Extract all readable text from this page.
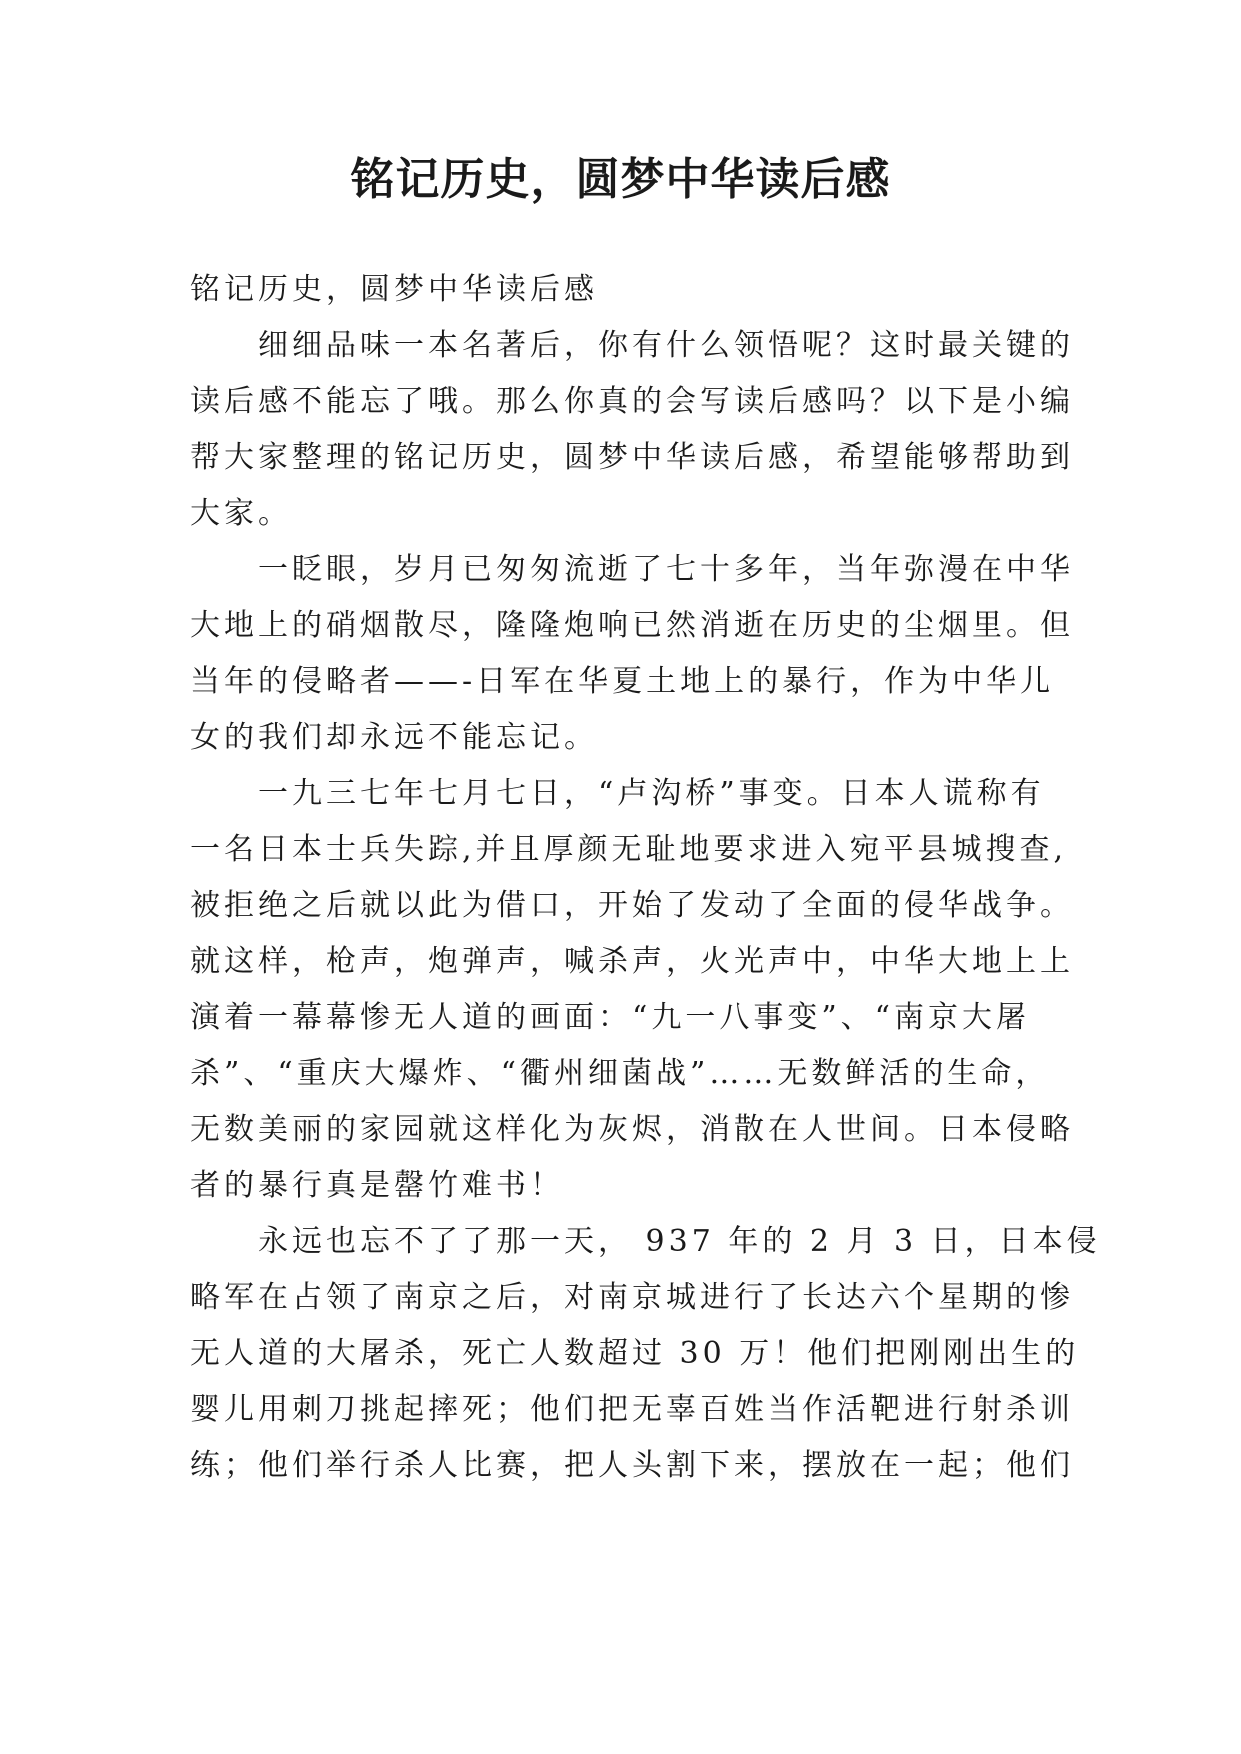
铭记历史，圆梦中华读后感
铭记历史，圆梦中华读后感
　　细细品味一本名著后，你有什么领悟呢？这时最关键的
读后感不能忘了哦。那么你真的会写读后感吗？以下是小编
帮大家整理的铭记历史，圆梦中华读后感，希望能够帮助到
大家。
　　一眨眼，岁月已匆匆流逝了七十多年，当年弥漫在中华
大地上的硝烟散尽，隆隆炮响已然消逝在历史的尘烟里。但
当年的侵略者——-日军在华夏土地上的暴行，作为中华儿
女的我们却永远不能忘记。
　　一九三七年七月七日，“卢沟桥”事变。日本人谎称有
一名日本士兵失踪,并且厚颜无耻地要求进入宛平县城搜查,
被拒绝之后就以此为借口，开始了发动了全面的侵华战争。
就这样，枪声，炮弹声，喊杀声，火光声中，中华大地上上
演着一幕幕惨无人道的画面：“九一八事变”、“南京大屠
杀”、“重庆大爆炸、“衢州细菌战”……无数鲜活的生命，
无数美丽的家园就这样化为灰烬，消散在人世间。日本侵略
者的暴行真是罄竹难书！
　　永远也忘不了了那一天， 937 年的 2 月 3 日，日本侵
略军在占领了南京之后，对南京城进行了长达六个星期的惨
无人道的大屠杀，死亡人数超过 30 万！他们把刚刚出生的
婴儿用刺刀挑起摔死；他们把无辜百姓当作活靶进行射杀训
练；他们举行杀人比赛，把人头割下来，摆放在一起；他们
